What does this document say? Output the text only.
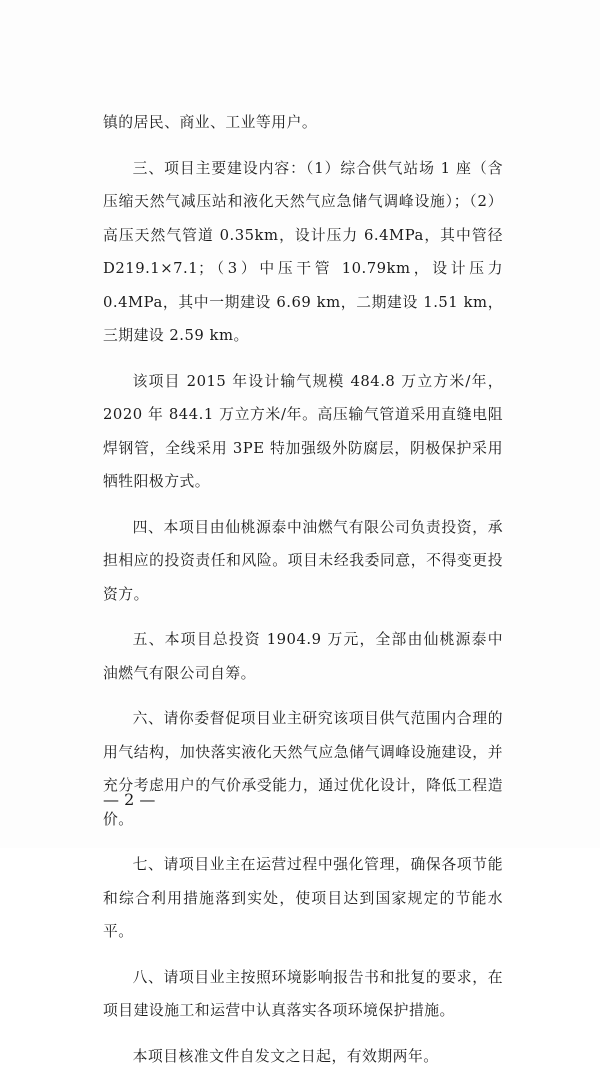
镇的居民、商业、工业等用户。

三、项目主要建设内容：（1）综合供气站场 1 座（含压缩天然气减压站和液化天然气应急储气调峰设施）；（2）高压天然气管道 0.35km，设计压力 6.4MPa，其中管径 D219.1×7.1；（3）中压干管 10.79km，设计压力 0.4MPa，其中一期建设 6.69 km，二期建设 1.51 km，三期建设 2.59 km。

该项目 2015 年设计输气规模 484.8 万立方米/年，2020 年 844.1 万立方米/年。高压输气管道采用直缝电阻焊钢管，全线采用 3PE 特加强级外防腐层，阴极保护采用牺牲阳极方式。

四、本项目由仙桃源泰中油燃气有限公司负责投资，承担相应的投资责任和风险。项目未经我委同意，不得变更投资方。

五、本项目总投资 1904.9 万元，全部由仙桃源泰中油燃气有限公司自筹。

六、请你委督促项目业主研究该项目供气范围内合理的用气结构，加快落实液化天然气应急储气调峰设施建设，并充分考虑用户的气价承受能力，通过优化设计，降低工程造价。

七、请项目业主在运营过程中强化管理，确保各项节能和综合利用措施落到实处，使项目达到国家规定的节能水平。

八、请项目业主按照环境影响报告书和批复的要求，在项目建设施工和运营中认真落实各项环境保护措施。

本项目核准文件自发文之日起，有效期两年。

— 2 —
